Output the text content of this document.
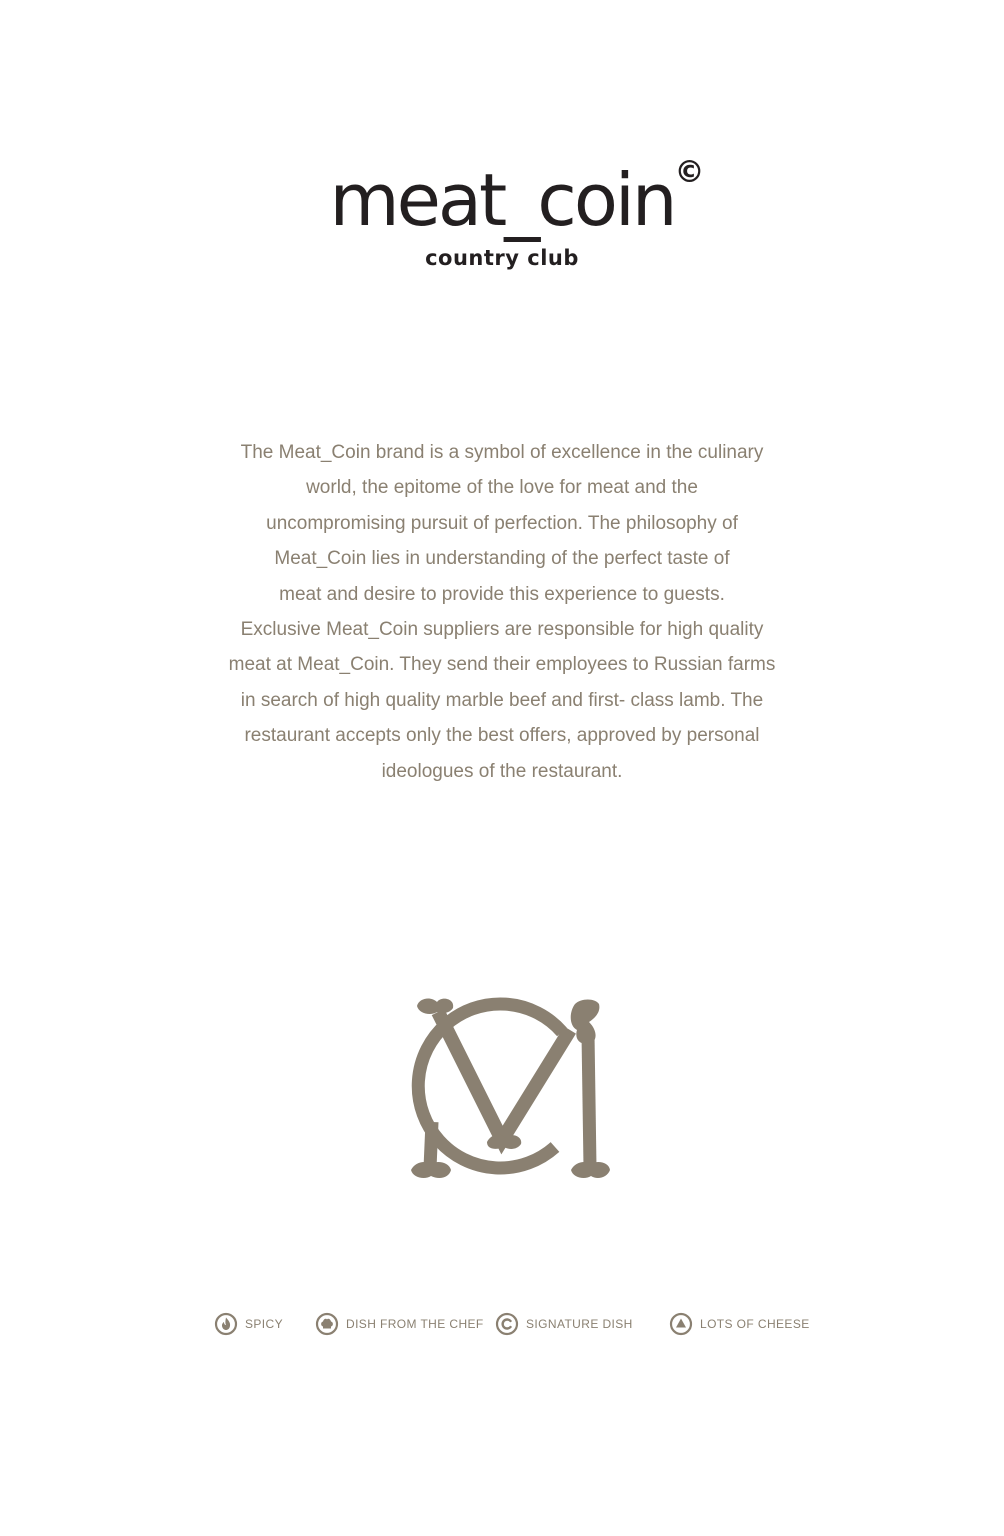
meat_coin ©
country club

The Meat_Coin brand is a symbol of excellence in the culinary
world, the epitome of the love for meat and the
uncompromising pursuit of perfection. The philosophy of
Meat_Coin lies in understanding of the perfect taste of
meat and desire to provide this experience to guests.
Exclusive Meat_Coin suppliers are responsible for high quality
meat at Meat_Coin. They send their employees to Russian farms
in search of high quality marble beef and first- class lamb. The
restaurant accepts only the best offers, approved by personal
ideologues of the restaurant.

SPICY	DISH FROM THE CHEF	SIGNATURE DISH	LOTS OF CHEESE
